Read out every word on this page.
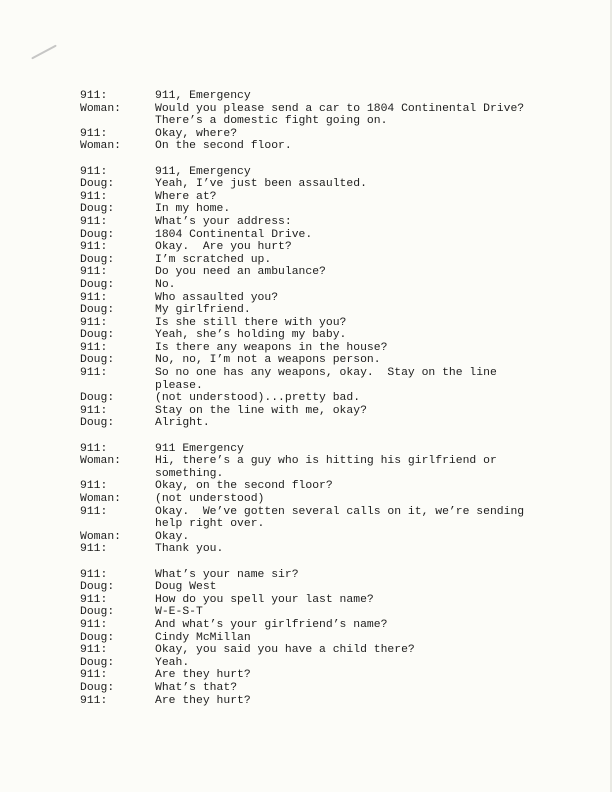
911:	911, Emergency
Woman:	Would you please send a car to 1804 Continental Drive?
There’s a domestic fight going on.
911:	Okay, where?
Woman:	On the second floor.
911:	911, Emergency
Doug:	Yeah, I’ve just been assaulted.
911:	Where at?
Doug:	In my home.
911:	What’s your address:
Doug:	1804 Continental Drive.
911:	Okay.  Are you hurt?
Doug:	I’m scratched up.
911:	Do you need an ambulance?
Doug:	No.
911:	Who assaulted you?
Doug:	My girlfriend.
911:	Is she still there with you?
Doug:	Yeah, she’s holding my baby.
911:	Is there any weapons in the house?
Doug:	No, no, I’m not a weapons person.
911:	So no one has any weapons, okay.  Stay on the line
please.
Doug:	(not understood)...pretty bad.
911:	Stay on the line with me, okay?
Doug:	Alright.
911:	911 Emergency
Woman:	Hi, there’s a guy who is hitting his girlfriend or
something.
911:	Okay, on the second floor?
Woman:	(not understood)
911:	Okay.  We’ve gotten several calls on it, we’re sending
help right over.
Woman:	Okay.
911:	Thank you.
911:	What’s your name sir?
Doug:	Doug West
911:	How do you spell your last name?
Doug:	W-E-S-T
911:	And what’s your girlfriend’s name?
Doug:	Cindy McMillan
911:	Okay, you said you have a child there?
Doug:	Yeah.
911:	Are they hurt?
Doug:	What’s that?
911:	Are they hurt?
